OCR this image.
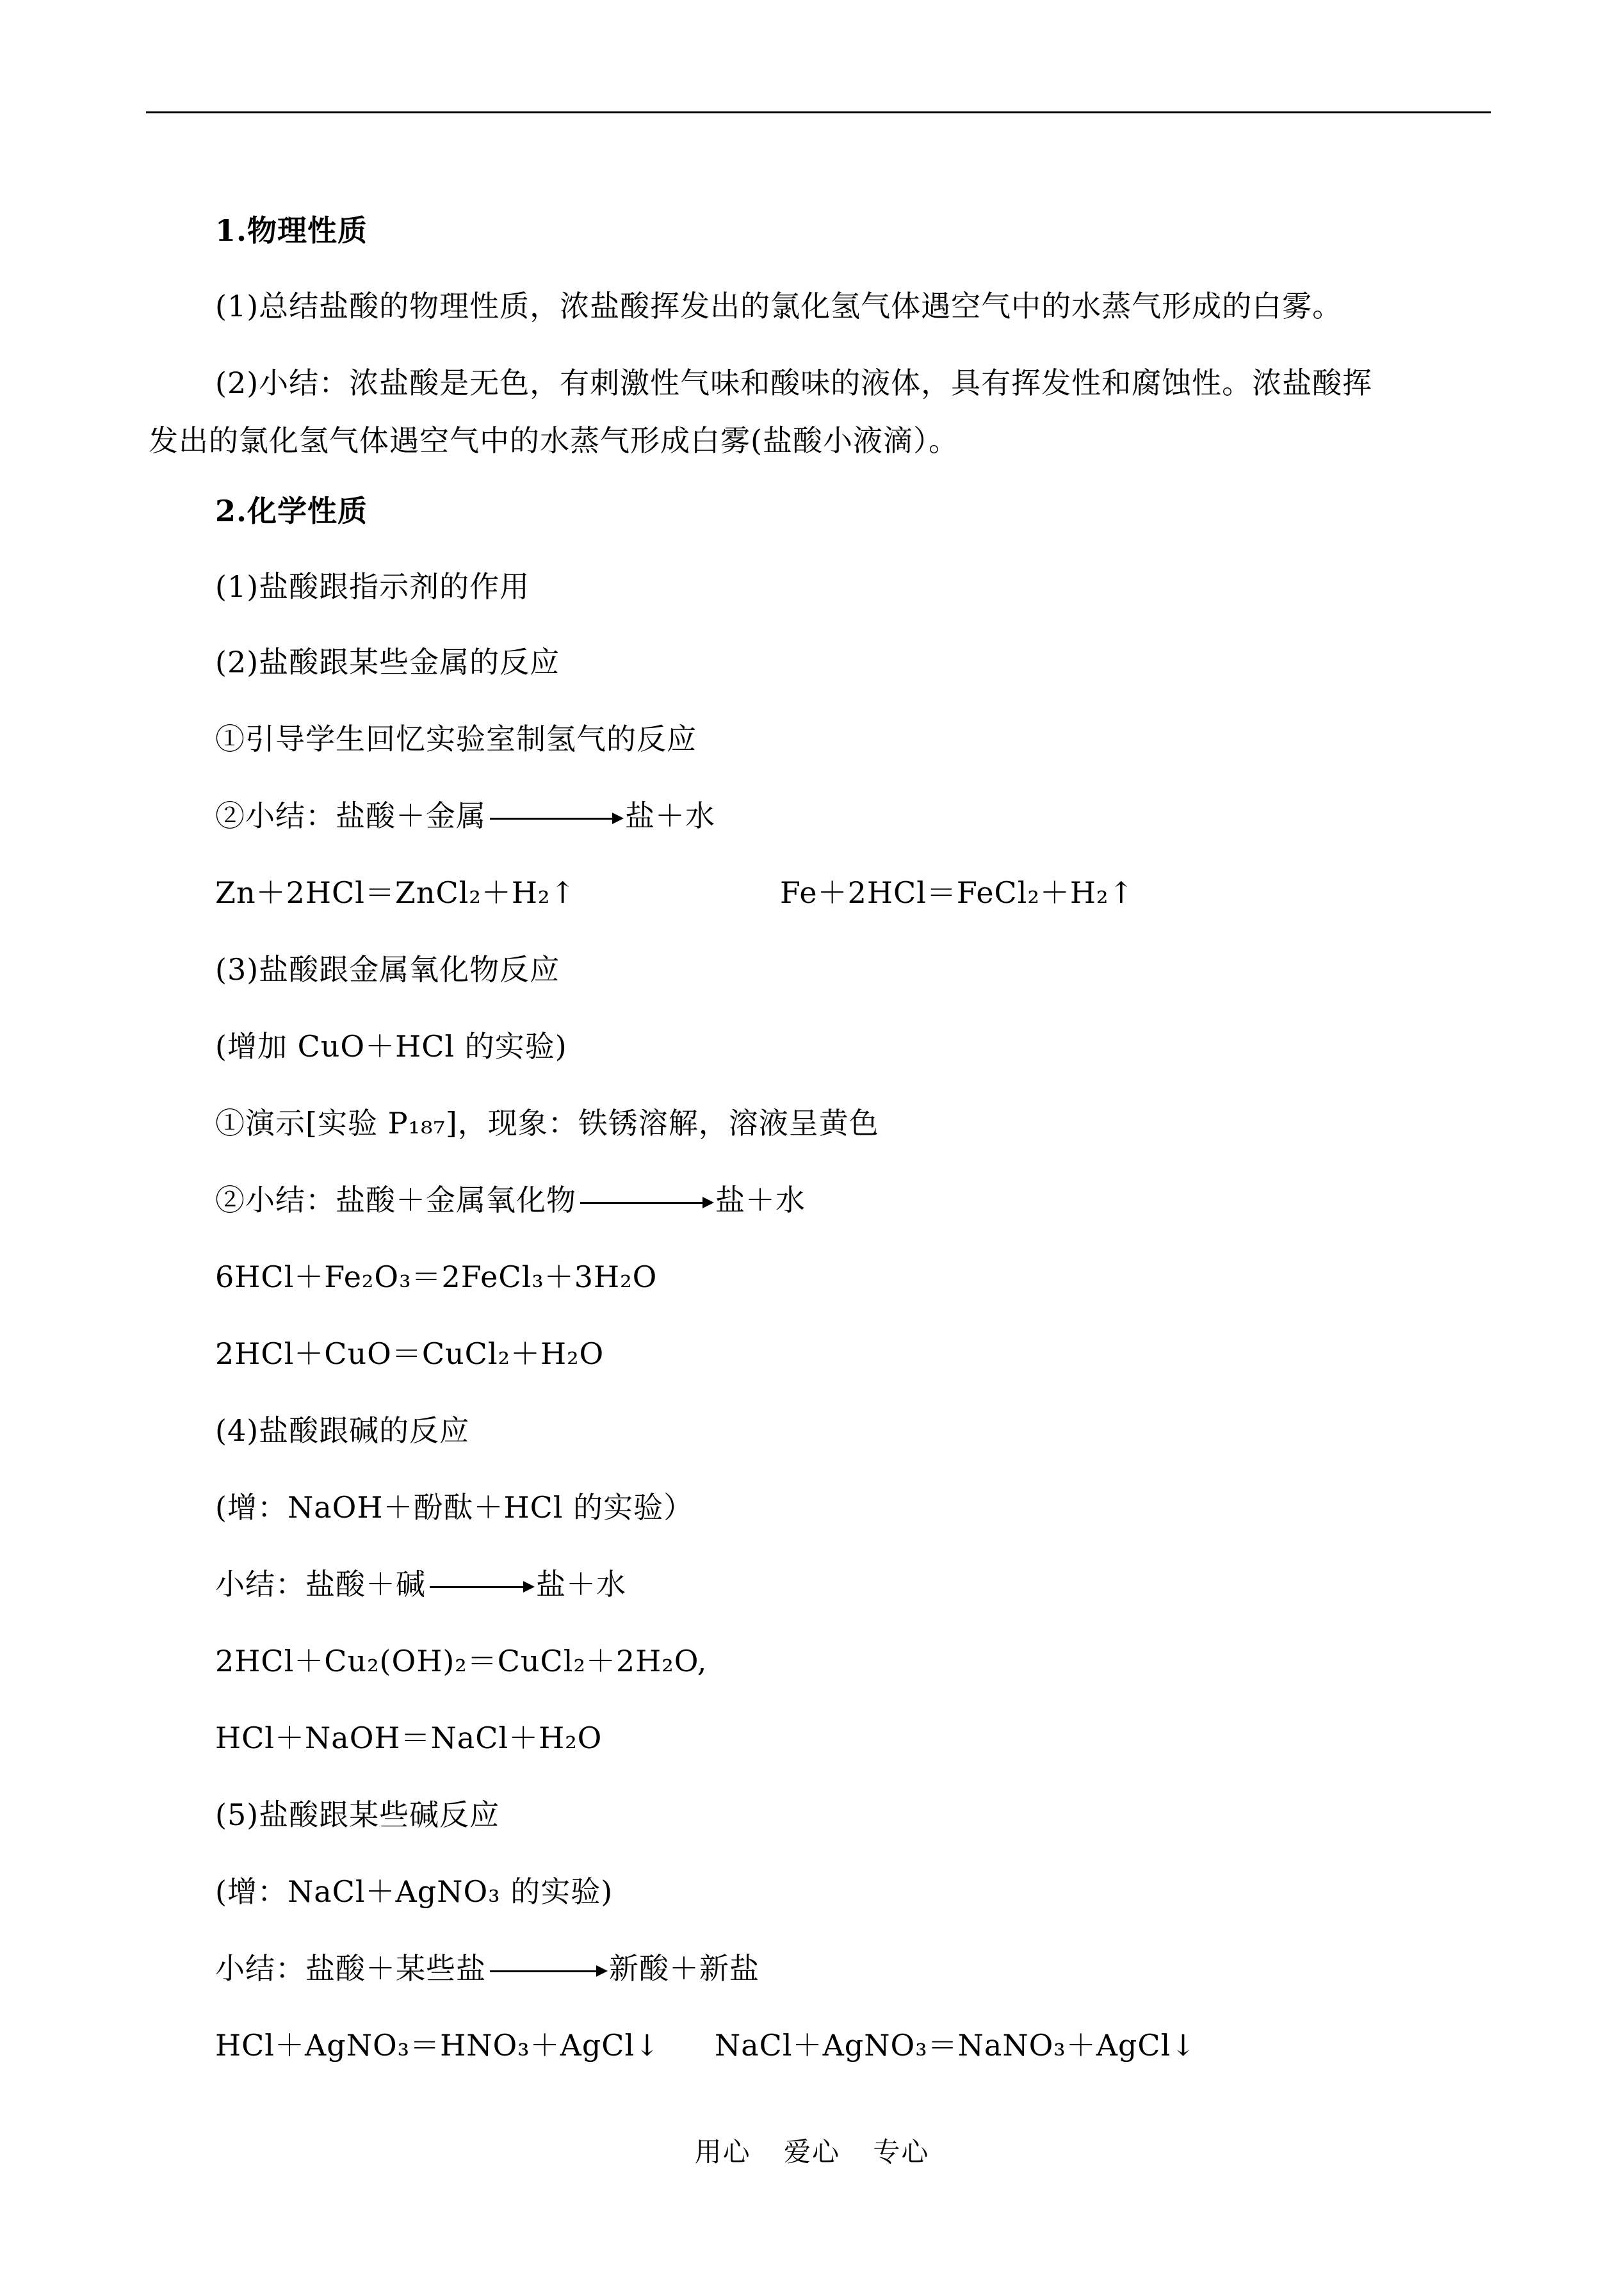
1.物理性质
(1)总结盐酸的物理性质，浓盐酸挥发出的氯化氢气体遇空气中的水蒸气形成的白雾。
(2)小结：浓盐酸是无色，有刺激性气味和酸味的液体，具有挥发性和腐蚀性。浓盐酸挥
发出的氯化氢气体遇空气中的水蒸气形成白雾(盐酸小液滴）。
2.化学性质
(1)盐酸跟指示剂的作用
(2)盐酸跟某些金属的反应
①引导学生回忆实验室制氢气的反应
②小结：盐酸＋金属	盐＋水
Zn＋2HCl＝ZnCl₂＋H₂↑	Fe＋2HCl＝FeCl₂＋H₂↑
(3)盐酸跟金属氧化物反应
(增加 CuO＋HCl 的实验)
①演示[实验 P₁₈₇]，现象：铁锈溶解，溶液呈黄色
②小结：盐酸＋金属氧化物	盐＋水
6HCl＋Fe₂O₃＝2FeCl₃＋3H₂O
2HCl＋CuO＝CuCl₂＋H₂O
(4)盐酸跟碱的反应
(增：NaOH＋酚酞＋HCl 的实验）
小结：盐酸＋碱	盐＋水
2HCl＋Cu₂(OH)₂＝CuCl₂＋2H₂O,
HCl＋NaOH＝NaCl＋H₂O
(5)盐酸跟某些碱反应
(增：NaCl＋AgNO₃ 的实验)
小结：盐酸＋某些盐	新酸＋新盐
HCl＋AgNO₃＝HNO₃＋AgCl↓ NaCl＋AgNO₃＝NaNO₃＋AgCl↓
用心 爱心 专心
